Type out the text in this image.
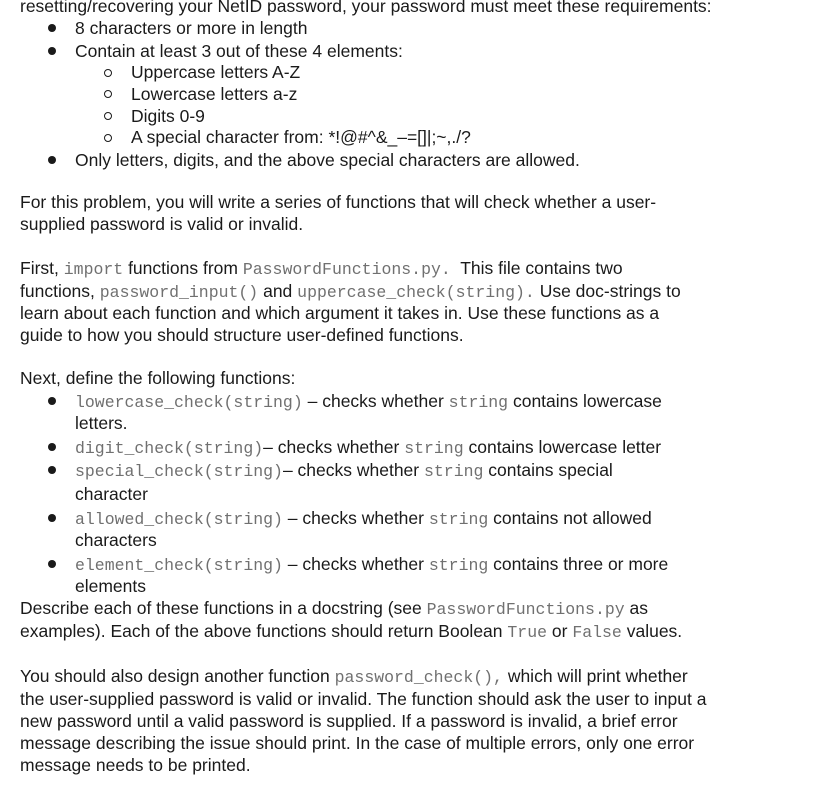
resetting/recovering your NetID password, your password must meet these requirements:
8 characters or more in length
Contain at least 3 out of these 4 elements:
Uppercase letters A-Z
Lowercase letters a-z
Digits 0-9
A special character from: *!@#^&_–=[]|;~,./?
Only letters, digits, and the above special characters are allowed.
For this problem, you will write a series of functions that will check whether a user-
supplied password is valid or invalid.
First, import functions from PasswordFunctions.py. This file contains two
functions, password_input() and uppercase_check(string). Use doc-strings to
learn about each function and which argument it takes in. Use these functions as a
guide to how you should structure user-defined functions.
Next, define the following functions:
lowercase_check(string) – checks whether string contains lowercase
letters.
digit_check(string)– checks whether string contains lowercase letter
special_check(string)– checks whether string contains special
character
allowed_check(string) – checks whether string contains not allowed
characters
element_check(string) – checks whether string contains three or more
elements
Describe each of these functions in a docstring (see PasswordFunctions.py as
examples). Each of the above functions should return Boolean True or False values.
You should also design another function password_check(), which will print whether
the user-supplied password is valid or invalid. The function should ask the user to input a
new password until a valid password is supplied. If a password is invalid, a brief error
message describing the issue should print. In the case of multiple errors, only one error
message needs to be printed.
